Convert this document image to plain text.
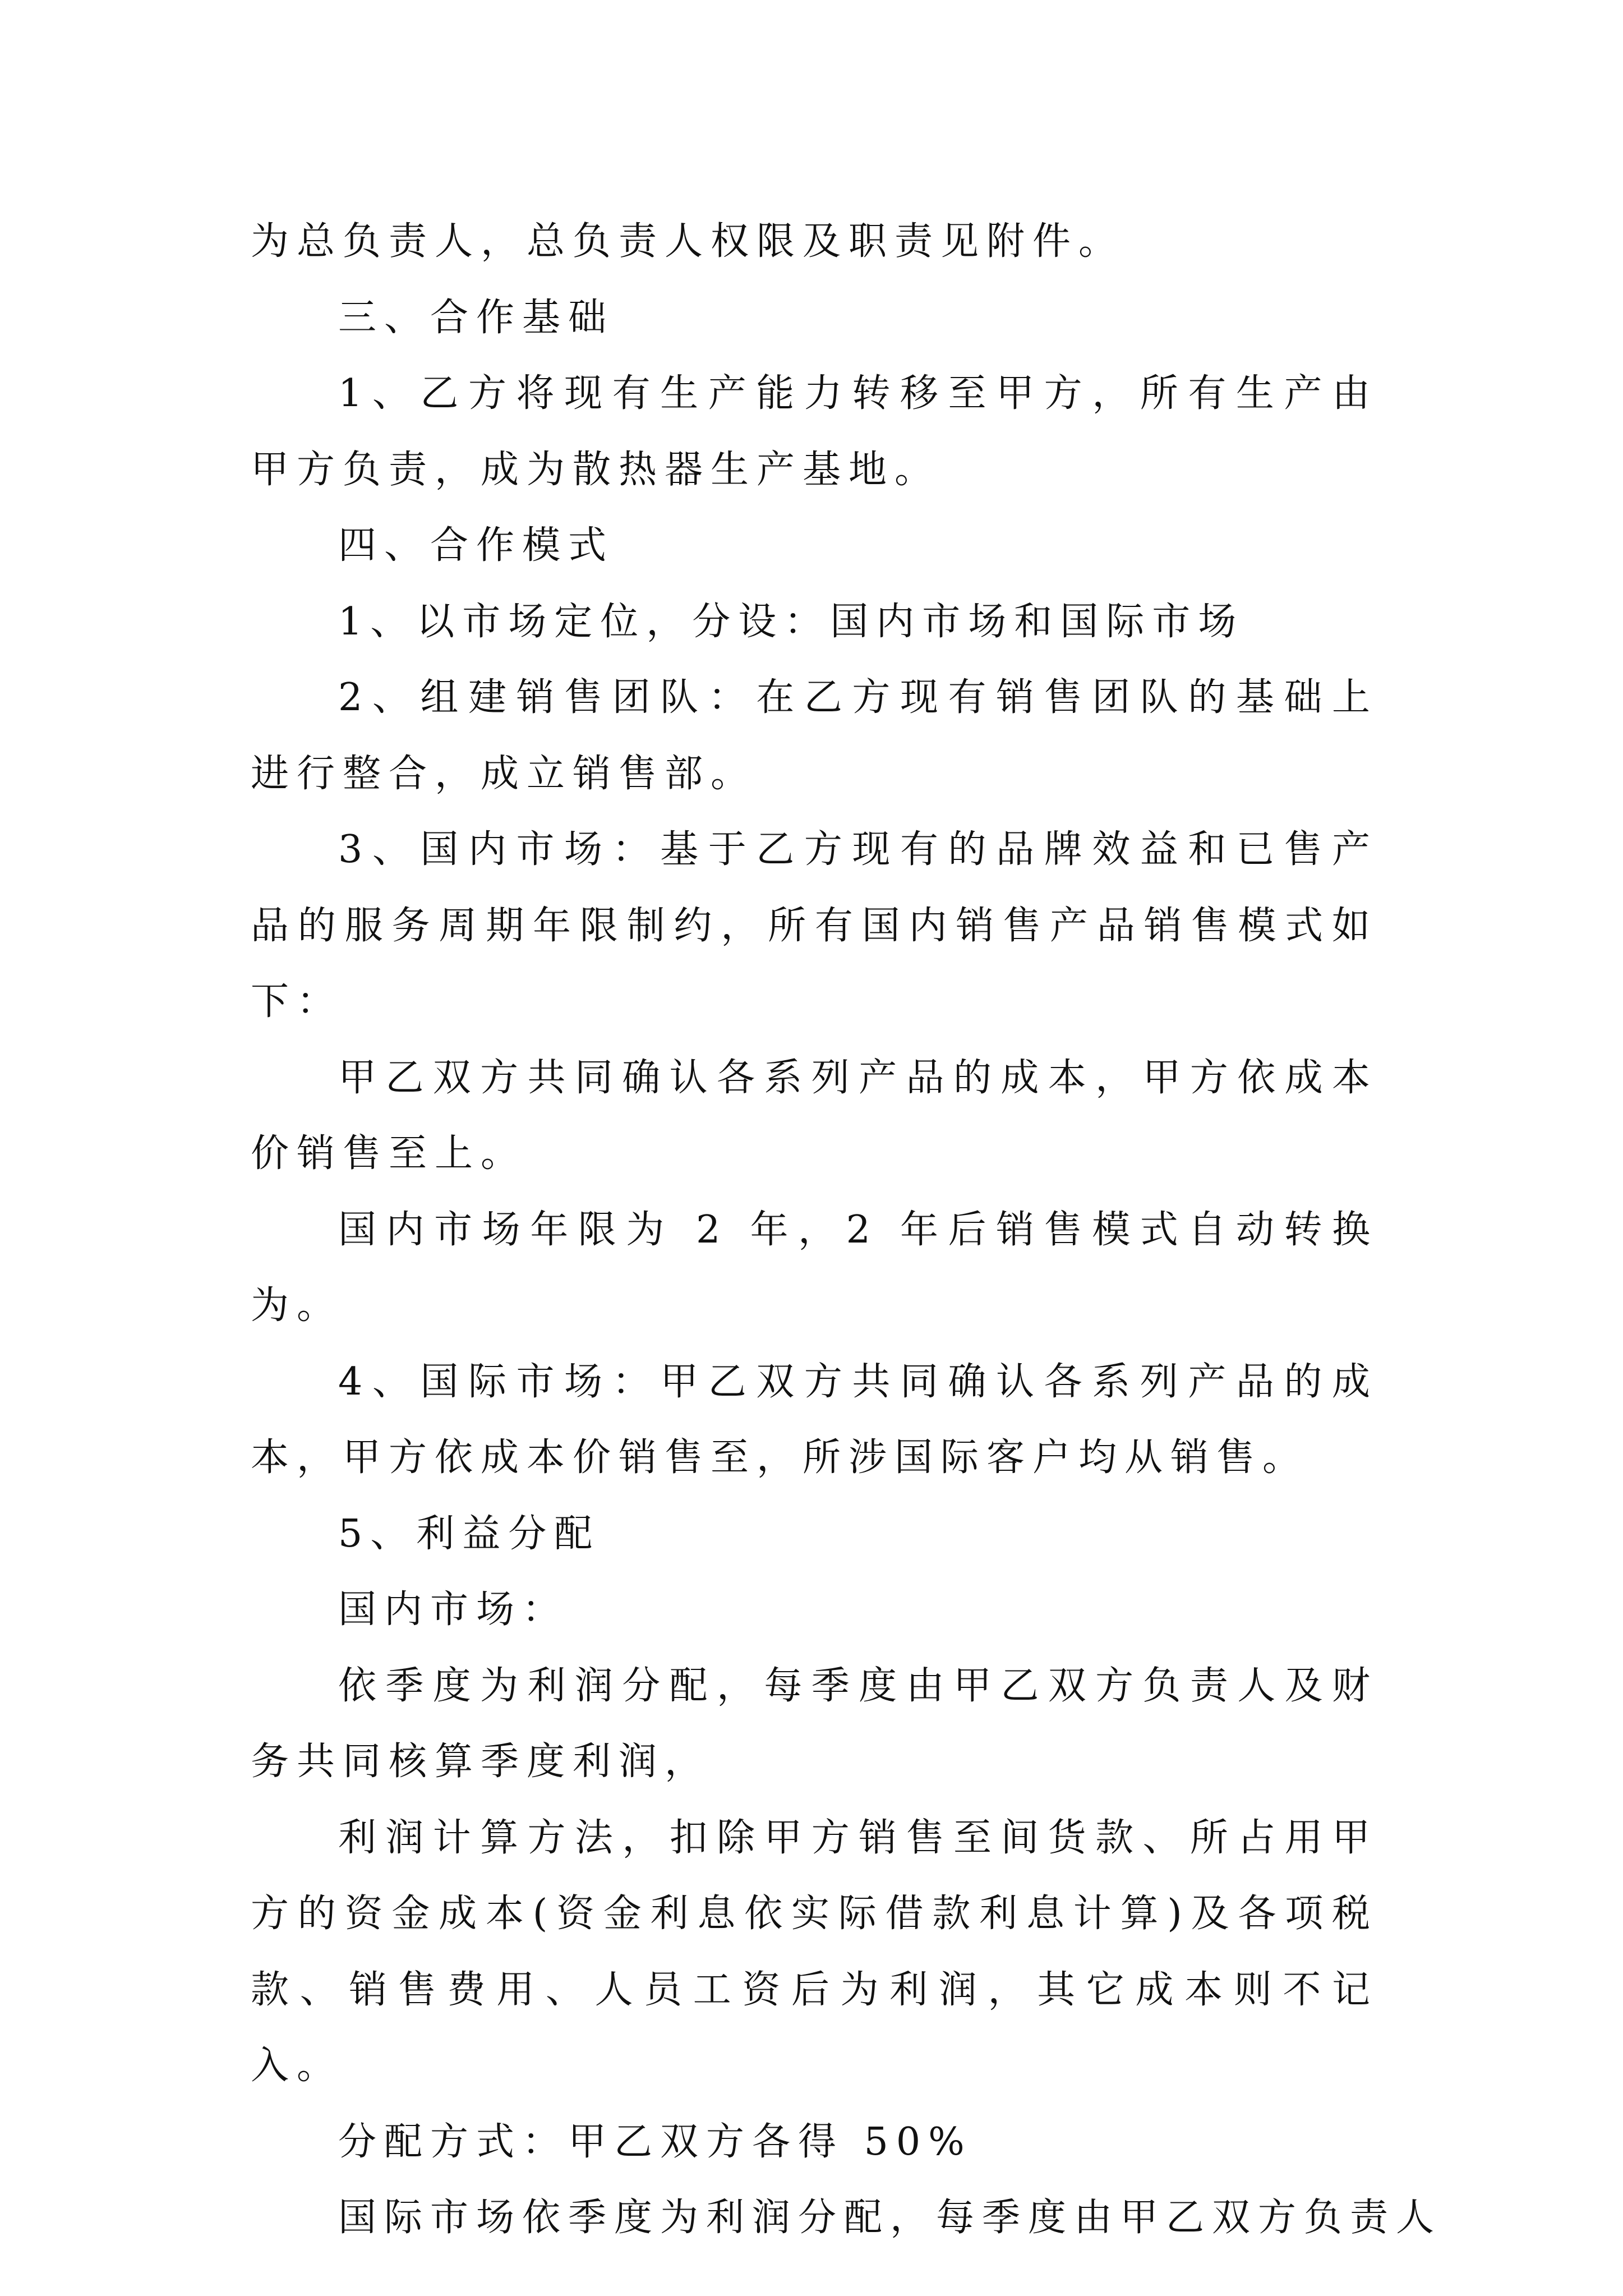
为总负责人，总负责人权限及职责见附件。

三、合作基础

1、乙方将现有生产能力转移至甲方，所有生产由甲方负责，成为散热器生产基地。

四、合作模式

1、以市场定位，分设：国内市场和国际市场

2、组建销售团队：在乙方现有销售团队的基础上进行整合，成立销售部。

3、国内市场：基于乙方现有的品牌效益和已售产品的服务周期年限制约，所有国内销售产品销售模式如下：

甲乙双方共同确认各系列产品的成本，甲方依成本价销售至上。

国内市场年限为 2 年，2 年后销售模式自动转换为。

4、国际市场：甲乙双方共同确认各系列产品的成本，甲方依成本价销售至，所涉国际客户均从销售。

5、利益分配

国内市场：

依季度为利润分配，每季度由甲乙双方负责人及财务共同核算季度利润，

利润计算方法，扣除甲方销售至间货款、所占用甲方的资金成本(资金利息依实际借款利息计算)及各项税款、销售费用、人员工资后为利润，其它成本则不记入。

分配方式：甲乙双方各得 50%

国际市场依季度为利润分配，每季度由甲乙双方负责人
